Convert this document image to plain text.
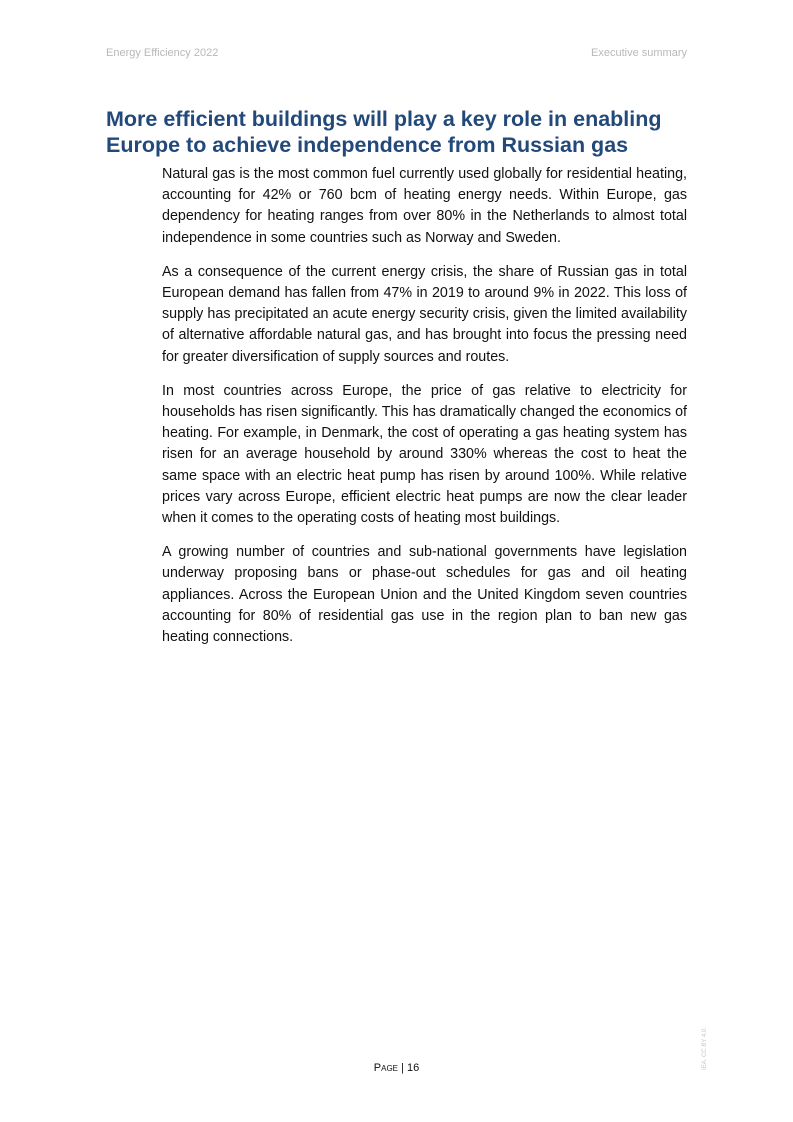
Energy Efficiency 2022	Executive summary
More efficient buildings will play a key role in enabling
Europe to achieve independence from Russian gas

Natural gas is the most common fuel currently used globally for residential heating, accounting for 42% or 760 bcm of heating energy needs. Within Europe, gas dependency for heating ranges from over 80% in the Netherlands to almost total independence in some countries such as Norway and Sweden.

As a consequence of the current energy crisis, the share of Russian gas in total European demand has fallen from 47% in 2019 to around 9% in 2022. This loss of supply has precipitated an acute energy security crisis, given the limited availability of alternative affordable natural gas, and has brought into focus the pressing need for greater diversification of supply sources and routes.

In most countries across Europe, the price of gas relative to electricity for households has risen significantly. This has dramatically changed the economics of heating. For example, in Denmark, the cost of operating a gas heating system has risen for an average household by around 330% whereas the cost to heat the same space with an electric heat pump has risen by around 100%. While relative prices vary across Europe, efficient electric heat pumps are now the clear leader when it comes to the operating costs of heating most buildings.

A growing number of countries and sub-national governments have legislation underway proposing bans or phase-out schedules for gas and oil heating appliances. Across the European Union and the United Kingdom seven countries accounting for 80% of residential gas use in the region plan to ban new gas heating connections.

Page | 16	IEA. CC BY 4.0.
